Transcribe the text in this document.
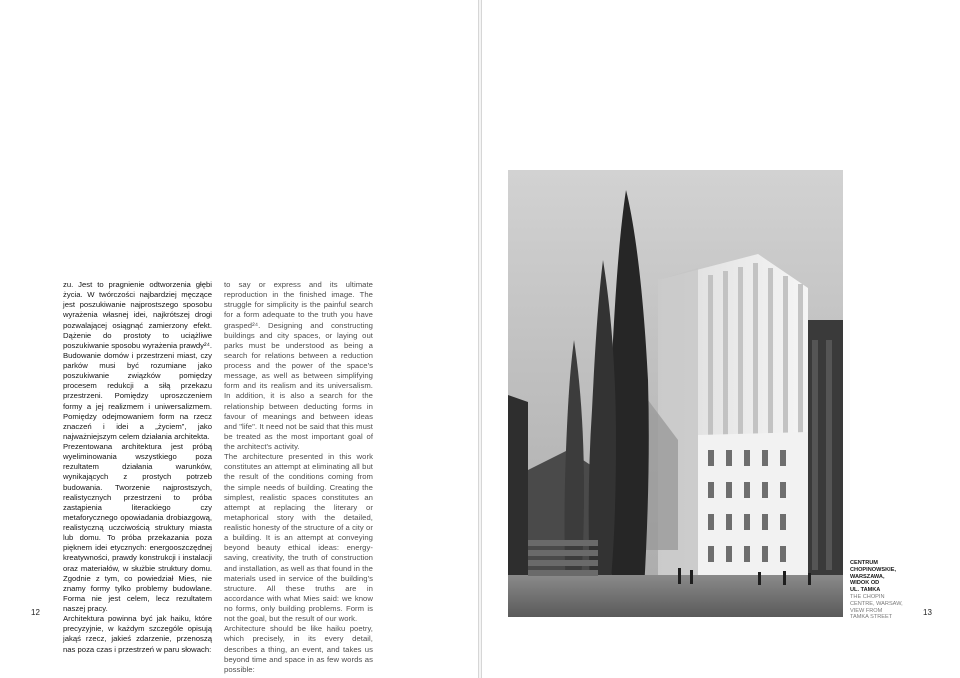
zu. Jest to pragnienie odtworzenia głębi życia. W twórczości najbardziej męczące jest poszukiwanie najprostszego sposobu wyrażenia własnej idei, najkrótszej drogi pozwalającej osiągnąć zamierzony efekt. Dążenie do prostoty to uciążliwe poszukiwanie sposobu wyrażenia prawdy²⁴.

Budowanie domów i przestrzeni miast, czy parków musi być rozumiane jako poszukiwanie związków pomiędzy procesem redukcji a siłą przekazu przestrzeni. Pomiędzy uproszczeniem formy a jej realizmem i uniwersalizmem. Pomiędzy odejmowaniem form na rzecz znaczeń i idei a „życiem”, jako najważniejszym celem działania architekta.

Prezentowana architektura jest próbą wyeliminowania wszystkiego poza rezultatem działania warunków, wynikających z prostych potrzeb budowania. Tworzenie najprostszych, realistycznych przestrzeni to próba zastąpienia literackiego czy metaforycznego opowiadania drobiazgową, realistyczną uczciwością struktury miasta lub domu. To próba przekazania poza pięknem idei etycznych: energooszczędnej kreatywności, prawdy konstrukcji i instalacji oraz materiałów, w służbie struktury domu. Zgodnie z tym, co powiedział Mies, nie znamy formy tylko problemy budowlane. Forma nie jest celem, lecz rezultatem naszej pracy.

Architektura powinna być jak haiku, które precyzyjnie, w każdym szczególe opisują jakąś rzecz, jakieś zdarzenie, przenoszą nas poza czas i przestrzeń w paru słowach:

to say or express and its ultimate reproduction in the finished image. The struggle for simplicity is the painful search for a form adequate to the truth you have grasped²⁴. Designing and constructing buildings and city spaces, or laying out parks must be understood as being a search for relations between a reduction process and the power of the space's message, as well as between simplifying form and its realism and its universalism. In addition, it is also a search for the relationship between deducting forms in favour of meanings and between ideas and "life". It need not be said that this must be treated as the most important goal of the architect's activity.

The architecture presented in this work constitutes an attempt at eliminating all but the result of the conditions coming from the simple needs of building. Creating the simplest, realistic spaces constitutes an attempt at replacing the literary or metaphorical story with the detailed, realistic honesty of the structure of a city or a building. It is an attempt at conveying beyond beauty ethical ideas: energy-saving, creativity, the truth of construction and installation, as well as that found in the materials used in service of the building's structure. All these truths are in accordance with what Mies said: we know no forms, only building problems. Form is not the goal, but the result of our work.

Architecture should be like haiku poetry, which precisely, in its every detail, describes a thing, an event, and takes us beyond time and space in as few words as possible:

12
CENTRUM
CHOPINOWSKIE,
WARSZAWA,
WIDOK OD
UL. TAMKA
THE CHOPIN
CENTRE, WARSAW,
VIEW FROM
TAMKA STREET
13
